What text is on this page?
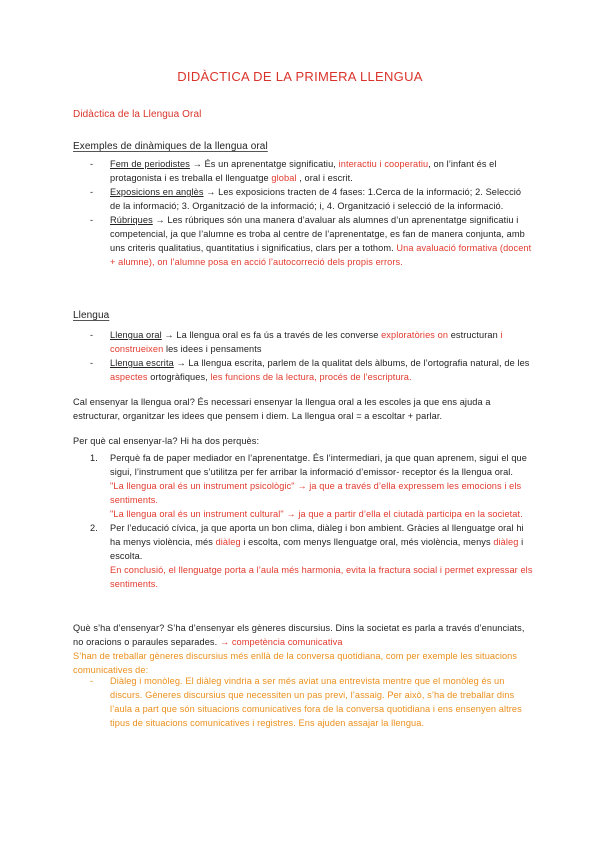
DIDÀCTICA DE LA PRIMERA LLENGUA
Didàctica de la Llengua Oral
Exemples de dinàmiques de la llengua oral
- Fem de periodistes → És un aprenentatge significatiu, interactiu i cooperatiu, on l’infant és el protagonista i es treballa el llenguatge global , oral i escrit.
- Exposicions en anglès → Les exposicions tracten de 4 fases: 1.Cerca de la informació; 2. Selecció de la informació; 3. Organització de la informació; i, 4. Organització i selecció de la informació.
- Rúbriques → Les rúbriques són una manera d’avaluar als alumnes d’un aprenentatge significatiu i competencial, ja que l’alumne es troba al centre de l’aprenentatge, es fan de manera conjunta, amb uns criteris qualitatius, quantitatius i significatius, clars per a tothom. Una avaluació formativa (docent + alumne), on l’alumne posa en acció l’autocorreció dels propis errors.
Llengua
- Llengua oral → La llengua oral es fa ús a través de les converse exploratòries on estructuran i construeixen les idees i pensaments
- Llengua escrita → La llengua escrita, parlem de la qualitat dels àlbums, de l’ortografia natural, de les aspectes ortogràfiques, les funcions de la lectura, procés de l’escriptura.
Cal ensenyar la llengua oral? És necessari ensenyar la llengua oral a les escoles ja que ens ajuda a estructurar, organitzar les idees que pensem i diem. La llengua oral = a escoltar + parlar.
Per què cal ensenyar-la? Hi ha dos perquès:
1. Perquè fa de paper mediador en l’aprenentatge. És l’intermediari, ja que quan aprenem, sigui el que sigui, l’instrument que s’utilitza per fer arribar la informació d’emissor- receptor és la llengua oral.
"La llengua oral és un instrument psicològic" → ja que a través d’ella expressem les emocions i els sentiments.
"La llengua oral és un instrument cultural" → ja que a partir d’ella el ciutadà participa en la societat.
2. Per l’educació cívica, ja que aporta un bon clima, diàleg i bon ambient. Gràcies al llenguatge oral hi ha menys violència, més diàleg i escolta, com menys llenguatge oral, més violència, menys diàleg i escolta.
En conclusió, el llenguatge porta a l’aula més harmonia, evita la fractura social i permet expressar els sentiments.
Què s’ha d’ensenyar? S’ha d’ensenyar els gèneres discursius. Dins la societat es parla a través d’enunciats, no oracions o paraules separades. → competència comunicativa
S’han de treballar gèneres discursius més enllà de la conversa quotidiana, com per exemple les situacions comunicatives de:
- Diàleg i monòleg. El diàleg vindria a ser més aviat una entrevista mentre que el monòleg és un discurs. Gèneres discursius que necessiten un pas previ, l’assaig. Per això, s’ha de treballar dins l’aula a part que són situacions comunicatives fora de la conversa quotidiana i ens ensenyen altres tipus de situacions comunicatives i registres. Ens ajuden assajar la llengua.
